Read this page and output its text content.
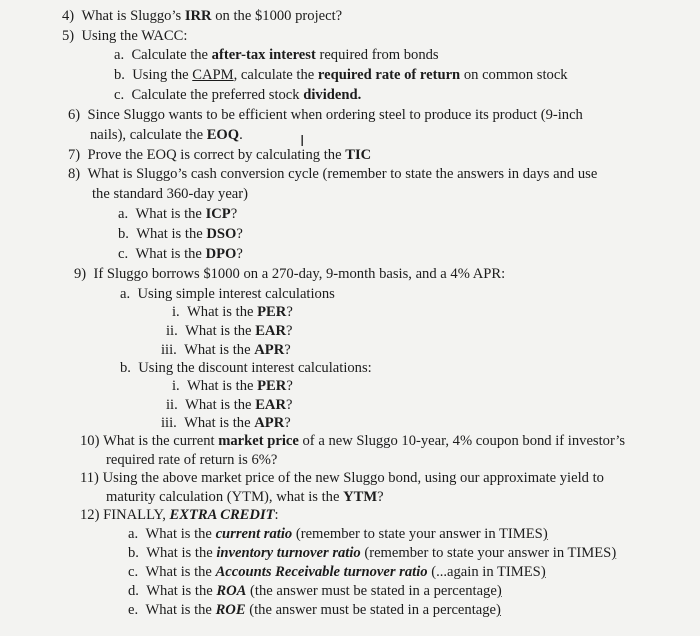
4) What is Sluggo’s IRR on the $1000 project?
5) Using the WACC:
a. Calculate the after-tax interest required from bonds
b. Using the CAPM, calculate the required rate of return on common stock
c. Calculate the preferred stock dividend.
6) Since Sluggo wants to be efficient when ordering steel to produce its product (9-inch
nails), calculate the EOQ.	I
7) Prove the EOQ is correct by calculating the TIC
8) What is Sluggo’s cash conversion cycle (remember to state the answers in days and use
the standard 360-day year)
a. What is the ICP?
b. What is the DSO?
c. What is the DPO?
9) If Sluggo borrows $1000 on a 270-day, 9-month basis, and a 4% APR:
a. Using simple interest calculations
i. What is the PER?
ii. What is the EAR?
iii. What is the APR?
b. Using the discount interest calculations:
i. What is the PER?
ii. What is the EAR?
iii. What is the APR?
10) What is the current market price of a new Sluggo 10-year, 4% coupon bond if investor’s
required rate of return is 6%?
11) Using the above market price of the new Sluggo bond, using our approximate yield to
maturity calculation (YTM), what is the YTM?
12) FINALLY, EXTRA CREDIT:
a. What is the current ratio (remember to state your answer in TIMES)
b. What is the inventory turnover ratio (remember to state your answer in TIMES)
c. What is the Accounts Receivable turnover ratio (...again in TIMES)
d. What is the ROA (the answer must be stated in a percentage)
e. What is the ROE (the answer must be stated in a percentage)
